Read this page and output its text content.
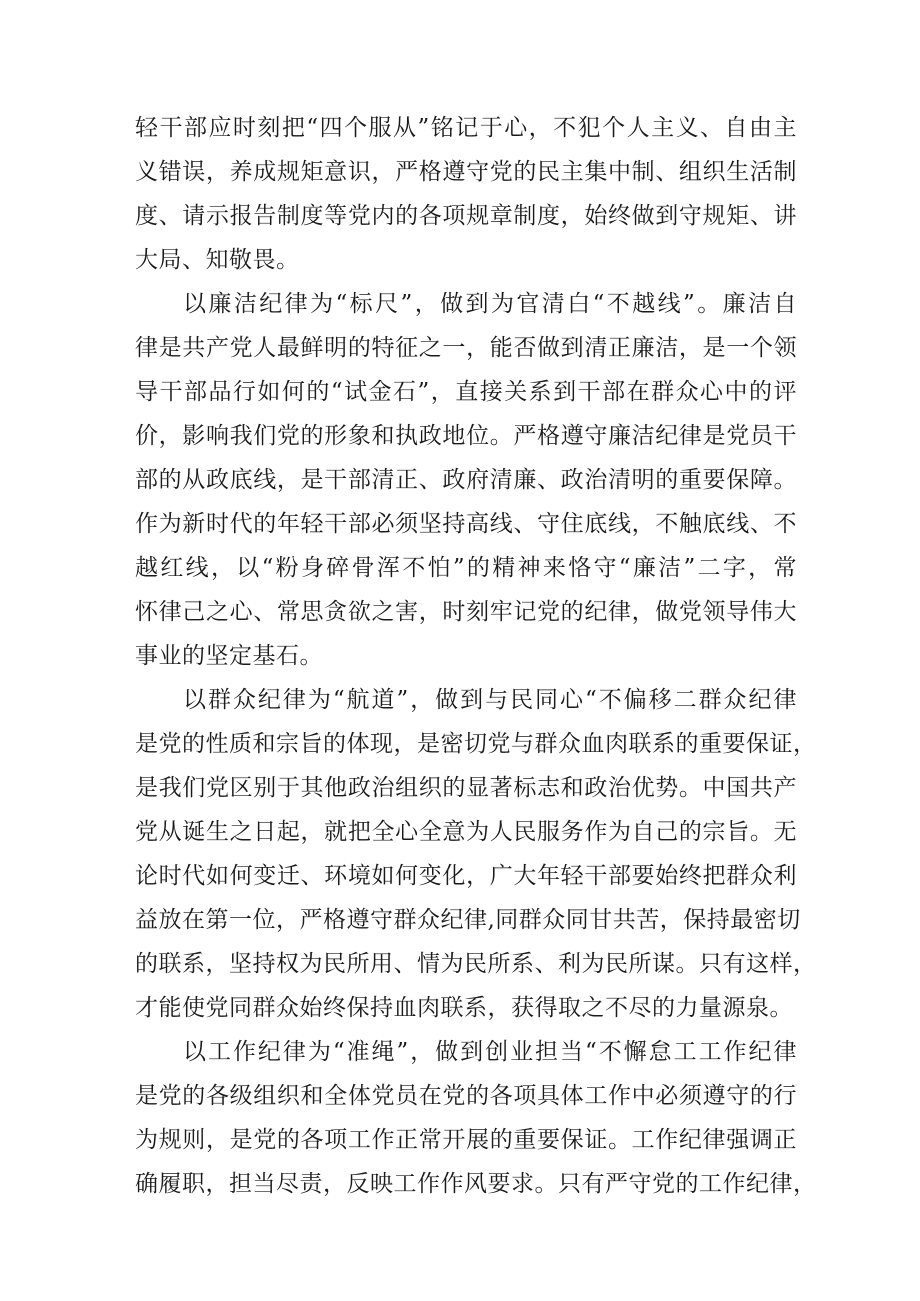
轻干部应时刻把“四个服从”铭记于心，不犯个人主义、自由主
义错误，养成规矩意识，严格遵守党的民主集中制、组织生活制
度、请示报告制度等党内的各项规章制度，始终做到守规矩、讲
大局、知敬畏。
以廉洁纪律为“标尺”，做到为官清白“不越线”。廉洁自
律是共产党人最鲜明的特征之一，能否做到清正廉洁，是一个领
导干部品行如何的“试金石”，直接关系到干部在群众心中的评
价，影响我们党的形象和执政地位。严格遵守廉洁纪律是党员干
部的从政底线，是干部清正、政府清廉、政治清明的重要保障。
作为新时代的年轻干部必须坚持高线、守住底线，不触底线、不
越红线，以“粉身碎骨浑不怕”的精神来恪守“廉洁”二字，常
怀律己之心、常思贪欲之害，时刻牢记党的纪律，做党领导伟大
事业的坚定基石。
以群众纪律为“航道”，做到与民同心“不偏移二群众纪律
是党的性质和宗旨的体现，是密切党与群众血肉联系的重要保证，
是我们党区别于其他政治组织的显著标志和政治优势。中国共产
党从诞生之日起，就把全心全意为人民服务作为自己的宗旨。无
论时代如何变迁、环境如何变化，广大年轻干部要始终把群众利
益放在第一位，严格遵守群众纪律,同群众同甘共苦，保持最密切
的联系，坚持权为民所用、情为民所系、利为民所谋。只有这样，
才能使党同群众始终保持血肉联系，获得取之不尽的力量源泉。
以工作纪律为“准绳”，做到创业担当“不懈怠工工作纪律
是党的各级组织和全体党员在党的各项具体工作中必须遵守的行
为规则，是党的各项工作正常开展的重要保证。工作纪律强调正
确履职，担当尽责，反映工作作风要求。只有严守党的工作纪律，
